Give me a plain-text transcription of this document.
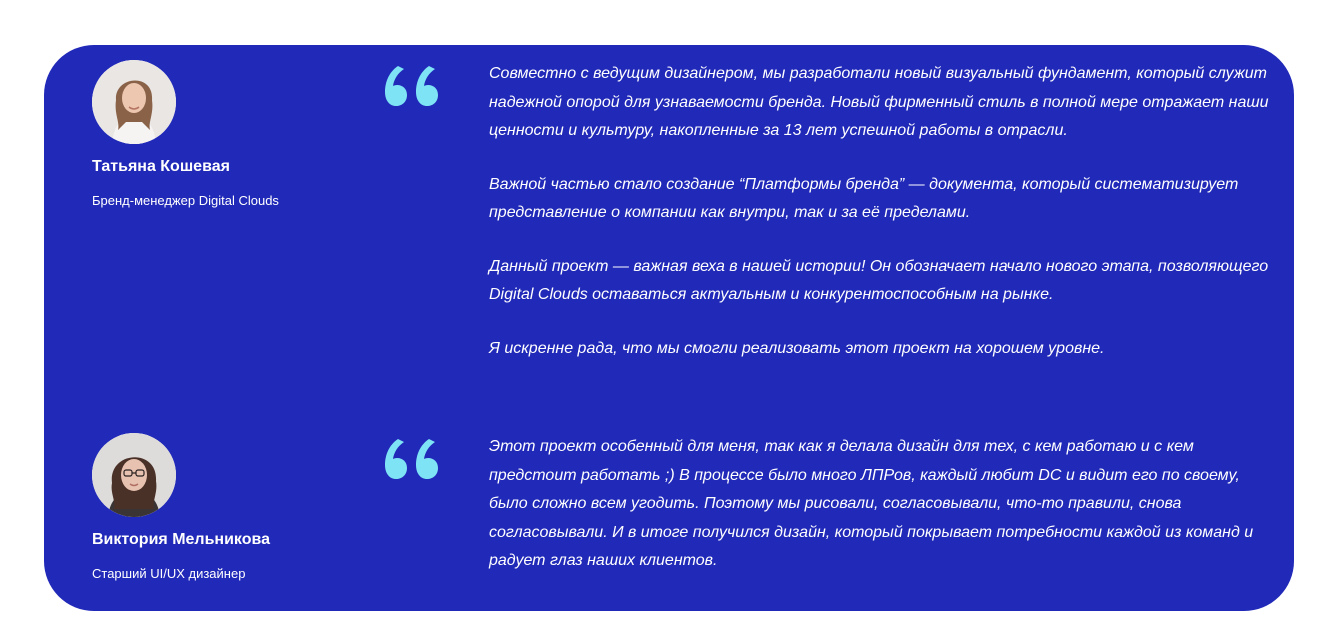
Татьяна Кошевая
Бренд-менеджер Digital Clouds

Совместно с ведущим дизайнером, мы разработали новый визуальный фундамент, который служит надежной опорой для узнаваемости бренда. Новый фирменный стиль в полной мере отражает наши ценности и культуру, накопленные за 13 лет успешной работы в отрасли.

Важной частью стало создание “Платформы бренда” — документа, который систематизирует представление о компании как внутри, так и за её пределами.

Данный проект — важная веха в нашей истории! Он обозначает начало нового этапа, позволяющего Digital Clouds оставаться актуальным и конкурентоспособным на рынке.

Я искренне рада, что мы смогли реализовать этот проект на хорошем уровне.

Виктория Мельникова
Старший UI/UX дизайнер

Этот проект особенный для меня, так как я делала дизайн для тех, с кем работаю и с кем предстоит работать ;) В процессе было много ЛПРов, каждый любит DC и видит его по своему, было сложно всем угодить. Поэтому мы рисовали, согласовывали, что-то правили, снова согласовывали. И в итоге получился дизайн, который покрывает потребности каждой из команд и радует глаз наших клиентов.
